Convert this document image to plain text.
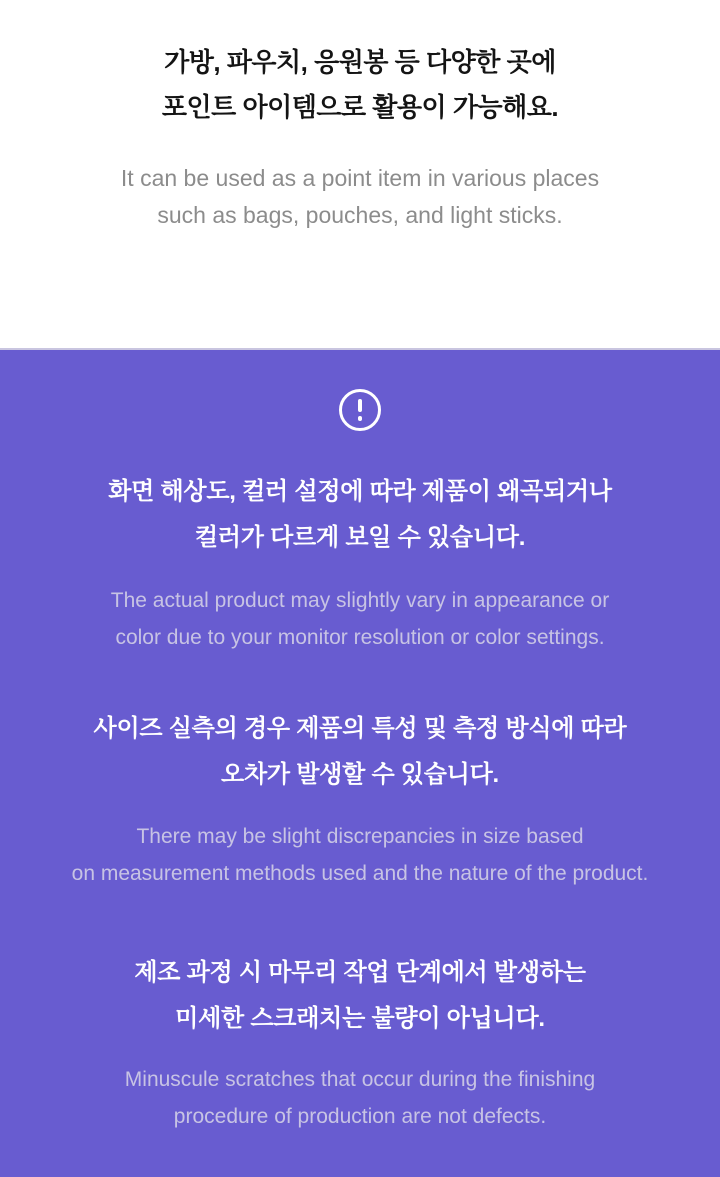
가방, 파우치, 응원봉 등 다양한 곳에
포인트 아이템으로 활용이 가능해요.
It can be used as a point item in various places
such as bags, pouches, and light sticks.
화면 해상도, 컬러 설정에 따라 제품이 왜곡되거나
컬러가 다르게 보일 수 있습니다.
The actual product may slightly vary in appearance or
color due to your monitor resolution or color settings.
사이즈 실측의 경우 제품의 특성 및 측정 방식에 따라
오차가 발생할 수 있습니다.
There may be slight discrepancies in size based
on measurement methods used and the nature of the product.
제조 과정 시 마무리 작업 단계에서 발생하는
미세한 스크래치는 불량이 아닙니다.
Minuscule scratches that occur during the finishing
procedure of production are not defects.
